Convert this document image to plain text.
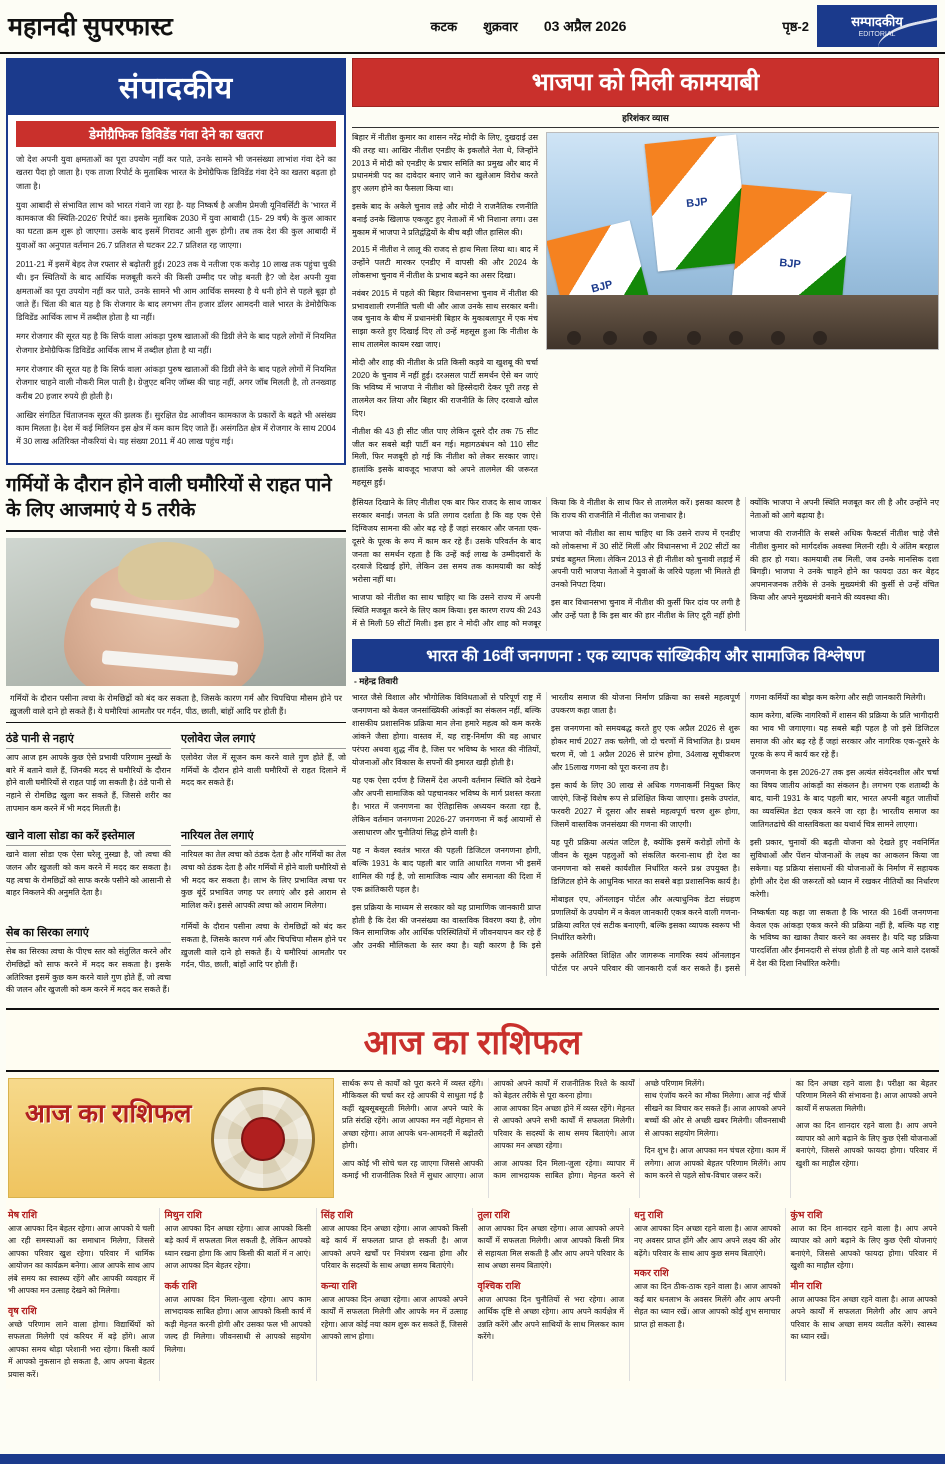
महानदी सुपरफास्ट	कटक शुक्रवार 03 अप्रैल 2026	पृष्ठ-2	सम्पादकीय
EDITORIAL
संपादकीय
डेमोग्रैफिक डिविडेंड गंवा देने का खतरा

जो देश अपनी युवा क्षमताओं का पूरा उपयोग नहीं कर पाते, उनके सामने भी जनसंख्या लाभांश गंवा देने का खतरा पैदा हो जाता है। एक ताजा रिपोर्ट के मुताबिक भारत के डेमोग्रैफिक डिविडेंड गंवा देने का खतरा बढ़ता हो जाता है।

युवा आबादी से संभावित लाभ को भारत गंवाने जा रहा है- यह निष्कर्ष है अजीम प्रेमजी यूनिवर्सिटी के 'भारत में कामकाज की स्थिति-2026' रिपोर्ट का। इसके मुताबिक 2030 में युवा आबादी (15- 29 वर्ष) के कुल आकार का घटता क्रम शुरू हो जाएगा। उसके बाद इसमें गिरावट आनी शुरू होगी। तब तक देश की कुल आबादी में युवाओं का अनुपात वर्तमान 26.7 प्रतिशत से घटकर 22.7 प्रतिशत रह जाएगा।

2011-21 में इसमें बेहद तेज रफ्तार से बढ़ोतरी हुई। 2023 तक ये नतीजा एक करोड़ 10 लाख तक पहुंचा चुकी थी। इन स्थितियों के बाद आर्थिक मजबूती करने की किसी उम्मीद पर जोड़ बनती है? जो देश अपनी युवा क्षमताओं का पूरा उपयोग नहीं कर पाते, उनके सामने भी आम आर्थिक समस्या है ये धनी होने से पहले बूढ़ा हो जाते हैं। चिंता की बात यह है कि रोजगार के बाद लगभग तीन हजार डॉलर आमदनी वाले भारत के डेमोग्रैफिक डिविडेंड आर्थिक लाभ में तब्दील होता है था नहीं।

मगर रोजगार की सूरत यह है कि सिर्फ वाला आंकड़ा पुरुष खाताओं की डिग्री लेने के बाद पहले लोगों में नियमित रोजगार डेमोग्रैफिक डिविडेंड आर्थिक लाभ में तब्दील होता है था नहीं।

मगर रोजगार की सूरत यह है कि सिर्फ वाला आंकड़ा पुरुष खाताओं की डिग्री लेने के बाद पहले लोगों में नियमित रोजगार चाहने वाली नौकरी मिल पाती है। ग्रेजुएट बनिए जॉब्स की चाह नहीं, अगर जॉब मिलती है, तो तनख्वाह करीब 20 हजार रुपये ही होती है।

आखिर संगठित चिंताजनक सूरत की झलक हैं। सुरक्षित ग्रेड आजीवन कामकाज के प्रकारों के बढ़ते भी असंख्य काम मिलता है। देश में कई मिलियन इस क्षेत्र में कम काम दिए जाते हैं। असंगठित क्षेत्र में रोजगार के साथ 2004 में 30 लाख अतिरिक्त नौकरियां थे। यह संख्या 2011 में 40 लाख पहुंच गई।

गर्मियों के दौरान होने वाली घमौरियों से राहत पाने के लिए आजमाएं ये 5 तरीके

गर्मियों के दौरान पसीना त्वचा के रोमछिद्रों को बंद कर सकता है, जिसके कारण गर्म और चिपचिपा मौसम होने पर ख़ुजली वाले दाने हो सकते हैं। ये घमौरियां आमतौर पर गर्दन, पीठ, छाती, बांहों आदि पर होती हैं।

ठंडे पानी से नहाएं

आप आज हम आपके कुछ ऐसे प्रभावी परिणाम नुस्खों के बारे में बताने वाले हैं, जिनकी मदद से घमौरियों के दौरान होने वाली घमौरियों से राहत पाई जा सकती है। ठंडे पानी से नहाने से रोमछिद्र खुला कर सकते हैं, जिससे शरीर का तापमान कम करने में भी मदद मिलती है।

एलोवेरा जेल लगाएं

एलोवेरा जेल में सूजन कम करने वाले गुण होते हैं, जो गर्मियों के दौरान होने वाली घमौरियों से राहत दिलाने में मदद कर सकते हैं।

खाने वाला सोडा का करें इस्तेमाल

खाने वाला सोडा एक ऐसा घरेलू नुस्खा है, जो त्वचा की जलन और खुजली को कम करने में मदद कर सकता है। यह त्वचा के रोमछिद्रों को साफ करके पसीने को आसानी से बाहर निकलने की अनुमति देता है।

नारियल तेल लगाएं

नारियल का तेल त्वचा को ठंडक देता है और गर्मियों का तेल त्वचा को ठंडक देता है और गर्मियों में होने वाली घमौरियों से भी मदद कर सकता है। लाभ के लिए प्रभावित त्वचा पर कुछ बूंदें प्रभावित जगह पर लगाएं और इसे आराम से मालिश करें। इससे आपकी त्वचा को आराम मिलेगा।

सेब का सिरका लगाएं

सेब का सिरका त्वचा के पीएच स्तर को संतुलित करने और रोमछिद्रों को साफ करने में मदद कर सकता है। इसके अतिरिक्त इसमें कुछ कम करने वाले गुण होते हैं, जो त्वचा की जलन और खुजली को कम करने में मदद कर सकते हैं।

गर्मियों के दौरान पसीना त्वचा के रोमछिद्रों को बंद कर सकता है, जिसके कारण गर्म और चिपचिपा मौसम होने पर ख़ुजली वाले दाने हो सकते हैं। ये घमौरियां आमतौर पर गर्दन, पीठ, छाती, बांहों आदि पर होती हैं।

भाजपा को मिली कामयाबी
हरिशंकर व्यास

बिहार में नीतीश कुमार का शासन नरेंद्र मोदी के लिए, दुखदाई उस की तरह था। आखिर नीतीश एनडीए के इकलौते नेता थे, जिन्होंने 2013 में मोदी को एनडीए के प्रचार समिति का प्रमुख और बाद में प्रधानमंत्री पद का दावेदार बनाए जाने का खुलेआम विरोध करते हुए अलग होने का फैसला किया था।

इसके बाद के अकेले चुनाव लड़े और मोदी ने राजनैतिक रणनीति बनाई उनके खिलाफ एकजुट हुए नेताओं में भी निशाना लगा। उस मुकाम में भाजपा ने प्रतिद्वंद्वियों के बीच बड़ी जीत हासिल की।

2015 में नीतीश ने लालू की राजद से हाथ मिला लिया था। बाद में उन्होंने पलटी मारकर एनडीए में वापसी की और 2024 के लोकसभा चुनाव में नीतीश के प्रभाव बढ़ने का असर दिखा।

नवंबर 2015 में पहले की बिहार विधानसभा चुनाव में नीतीश की प्रभावशाली रणनीति चली थी और आज उनके साथ सरकार बनी। जब चुनाव के बीच में प्रधानमंत्री बिहार के मुकाबलापुर में एक मंच साझा करते हुए दिखाई दिए तो उन्हें महसूस हुआ कि नीतीश के साथ तालमेल कायम रखा जाए।

मोदी और शाह की नीतीश के प्रति किसी कड़वे या खुशबू की चर्चा 2020 के चुनाव में नहीं हुई। दरअसल पार्टी समर्थन ऐसे बन जाएं कि भविष्य में भाजपा ने नीतीश को हिस्सेदारी देकर पूरी तरह से तालमेल कर लिया और बिहार की राजनीति के लिए दरवाजे खोल दिए।

नीतीश की 43 ही सीट जीत पाए लेकिन दूसरे दौर तक 75 सीट जीत कर सबसे बड़ी पार्टी बन गई। महागठबंधन को 110 सीट मिली, फिर मजबूरी हो गई कि नीतीश को लेकर सरकार जाए। हालांकि इसके बावजूद भाजपा को अपने तालमेल की जरूरत महसूस हुई।

BJP
BJP
BJP

हैसियत दिखाने के लिए नीतीश एक बार फिर राजद के साथ जाकर सरकार बनाई। जनता के प्रति लगाव दर्शाता है कि वह एक ऐसे दिग्विजय सामना की ओर बढ़ रहे हैं जहां सरकार और जनता एक-दूसरे के पूरक के रूप में काम कर रहे हैं। उसके परिवर्तन के बाद जनता का समर्थन रहता है कि उन्हें कई लाख के उम्मीदवारों के दरवाजे दिखाई होंगे, लेकिन उस समय तक कामयाबी का कोई भरोसा नहीं था।

भाजपा को नीतीश का साथ चाहिए था कि उसने राज्य में अपनी स्थिति मजबूत करने के लिए काम किया। इस कारण राज्य की 243 में से मिली 59 सीटों मिली। इस हार ने मोदी और शाह को मजबूर किया कि वे नीतीश के साथ फिर से तालमेल करें। इसका कारण है कि राज्य की राजनीति में नीतीश का जनाधार है।

भाजपा को नीतीश का साथ चाहिए था कि उसने राज्य में एनडीए को लोकसभा में 30 सीटें मिलीं और विधानसभा में 202 सीटों का प्रचंड बहुमत मिला। लेकिन 2013 से ही नीतीश को चुनावी लड़ाई में अपनी पारी भाजपा नेताओं ने युवाओं के जरिये पहला भी मिलते ही उनको निपटा दिया।

इस बार विधानसभा चुनाव में नीतीश की कुर्सी फिर दांव पर लगी है और उन्हें पता है कि इस बार की हार नीतीश के लिए दूरी नहीं होगी क्योंकि भाजपा ने अपनी स्थिति मजबूत कर ली है और उन्होंने नए नेताओं को आगे बढ़ाया है।

भाजपा की राजनीति के सबसे अधिक फैक्टर्स नीतीश चाहे जैसे नीतीश कुमार को मार्गदर्शक अवस्था मिलनी रही। ये अंतिम बरहाल की हार हो गया। कामयाबी तब मिली, जब उनके मानसिक दशा बिगड़ी। भाजपा ने उनके चाहने होने का फायदा उठा कर बेहद अपमानजनक तरीके से उनके मुख्यमंत्री की कुर्सी से उन्हें वंचित किया और अपने मुख्यमंत्री बनाने की व्यवस्था की।

भारत की 16वीं जनगणना : एक व्यापक सांख्यिकीय और सामाजिक विश्लेषण
- महेन्द्र तिवारी

भारत जैसे विशाल और भौगोलिक विविधताओं से परिपूर्ण राष्ट्र में जनगणना को केवल जनसांख्यिकी आंकड़ों का संकलन नहीं, बल्कि शासकीय प्रशासनिक प्रक्रिया मान लेना हमारे महत्व को कम करके आंकने जैसा होगा। वास्तव में, यह राष्ट्र-निर्माण की वह आधार परंपरा अथवा शुद्ध नींव है, जिस पर भविष्य के भारत की नीतियों, योजनाओं और विकास के सपनों की इमारत खड़ी होती है।

यह एक ऐसा दर्पण है जिसमें देश अपनी वर्तमान स्थिति को देखने और अपनी सामाजिक को पहचानकर भविष्य के मार्ग प्रशस्त करता है। भारत में जनगणना का ऐतिहासिक अध्ययन करता रहा है, लेकिन वर्तमान जनगणना 2026-27 जनगणना में कई आयामों से असाधारण और चुनौतियां सिद्ध होने वाली है।

यह न केवल स्वतंत्र भारत की पहली डिजिटल जनगणना होगी, बल्कि 1931 के बाद पहली बार जाति आधारित गणना भी इसमें शामिल की गई है, जो सामाजिक न्याय और समानता की दिशा में एक क्रांतिकारी पहल है।

इस प्रक्रिया के माध्यम से सरकार को यह प्रामाणिक जानकारी प्राप्त होती है कि देश की जनसंख्या का वास्तविक विवरण क्या है, लोग किन सामाजिक और आर्थिक परिस्थितियों में जीवनयापन कर रहे हैं और उनकी मौलिकता के स्तर क्या है। यही कारण है कि इसे भारतीय समाज की योजना निर्माण प्रक्रिया का सबसे महत्वपूर्ण उपकरण कहा जाता है।

इस जनगणना को समयबद्ध करते हुए एक अप्रैल 2026 से शुरू होकर मार्च 2027 तक चलेगी, जो दो चरणों में विभाजित है। प्रथम चरण में, जो 1 अप्रैल 2026 से प्रारंभ होगा, 34लाख सूचीकरण और 15लाख गणना को पूरा करना तय है।

इस कार्य के लिए 30 लाख से अधिक गणनाकर्मी नियुक्त किए जाएंगे, जिन्हें विशेष रूप से प्रशिक्षित किया जाएगा। इसके उपरांत, फरवरी 2027 में दूसरा और सबसे महत्वपूर्ण चरण शुरू होगा, जिसमें वास्तविक जनसंख्या की गणना की जाएगी।

यह पूरी प्रक्रिया अत्यंत जटिल है, क्योंकि इसमें करोड़ों लोगों के जीवन के सूक्ष्म पहलुओं को संकलित करना-साथ ही देश का जनगणना को सबसे कार्यशील निर्धारित करने प्रश्न उपयुक्त है। डिजिटल होने के आधुनिक भारत का सबसे बड़ा प्रशासनिक कार्य है।

मोबाइल एप, ऑनलाइन पोर्टल और अत्याधुनिक डेटा संग्रहण प्रणालियों के उपयोग में न केवल जानकारी एकत्र करने वाली गणना-प्रक्रिया त्वरित एवं सटीक बनाएगी, बल्कि इसका व्यापक स्वरूप भी निर्धारित करेगी।

इसके अतिरिक्त शिक्षित और जागरूक नागरिक स्वयं ऑनलाइन पोर्टल पर अपने परिवार की जानकारी दर्ज कर सकते हैं। इससे गणना कर्मियों का बोझ कम करेगा और सही जानकारी मिलेगी।

काम करेगा, बल्कि नागरिकों में शासन की प्रक्रिया के प्रति भागीदारी का भाव भी जगाएगा। यह सबसे बड़ी पहल है जो इसे डिजिटल समाज की ओर बढ़ रहे हैं जहां सरकार और नागरिक एक-दूसरे के पूरक के रूप में कार्य कर रहे हैं।

जनगणना के इस 2026-27 तक इस अत्यंत संवेदनशील और चर्चा का विषय जातीय आंकड़ों का संकलन है। लगभग एक शताब्दी के बाद, यानी 1931 के बाद पहली बार, भारत अपनी बहुत जातीयों का व्यवस्थित डेटा एकत्र करने जा रहा है। भारतीय समाज का जातिगतढांचे की वास्तविकता का यथार्थ चित्र सामने लाएगा।

इसी प्रकार, चुनावों की बढ़ती योजना को देखते हुए नवनिर्मित सुविधाओं और पेंशन योजनाओं के लक्ष्य का आकलन किया जा सकेगा। यह प्रक्रिया संसाधनों की योजनाओं के निर्माण में सहायक होगी और देश की जरूरतों को ध्यान में रखकर नीतियों का निर्धारण करेगी।

निष्कर्षतः यह कहा जा सकता है कि भारत की 16वीं जनगणना केवल एक आंकड़ा एकत्र करने की प्रक्रिया नहीं है, बल्कि यह राष्ट्र के भविष्य का खाका तैयार करने का अवसर है। यदि यह प्रक्रिया पारदर्शिता और ईमानदारी से संपन्न होती है तो यह आने वाले दशकों में देश की दिशा निर्धारित करेगी।

आज का राशिफल
आज का राशिफल

सार्थक रूप से कार्यों को पूरा करने में व्यस्त रहेंगे। मौकिकल की चर्चा कर रहे आपकी ये साधुता गई है कहीं खूबसूबसूरती मिलेगी। आज अपने प्यारे के प्रति संरक्षि रहेंगे। आज आपका मन नहीं मेहमान से अच्छा रहेगा। आज आपके धन-आमदनी में बढ़ोतरी होगी।

आप कोई भी सोचे चल रह जाएगा जिससे आपकी कमाई भी राजनीतिक रिश्ते में सुधार आएगा। आज आपको अपने कार्यों में राजनीतिक रिश्ते के कार्यों को बेहतर तरीके से पूरा करना होगा।

आज आपका दिन अच्छा होने में व्यस्त रहेंगे। मेहनत से आपको अपने सभी कार्यों में सफलता मिलेगी। परिवार के सदस्यों के साथ समय बिताएंगे। आज आपका मन अच्छा रहेगा।

आज आपका दिन मिला-जुला रहेगा। व्यापार में काम लाभदायक साबित होगा। मेहनत करने से अच्छे परिणाम मिलेंगे।

साथ एंजॉय करने का मौका मिलेगा। आज नई चीजें सीखने का विचार कर सकते हैं। आज आपको अपने बच्चों की ओर से अच्छी खबर मिलेगी। जीवनसाथी से आपका सहयोग मिलेगा।

दिन शुभ है। आज आपका मन चंचल रहेगा। काम में लगेगा। आज आपको बेहतर परिणाम मिलेंगे। आप काम करने से पहले सोच-विचार जरूर करें।

का दिन अच्छा रहने वाला है। परीक्षा का बेहतर परिणाम मिलने की संभावना है। आज आपको अपने कार्यों में सफलता मिलेगी।

आज का दिन शानदार रहने वाला है। आप अपने व्यापार को आगे बढ़ाने के लिए कुछ ऐसी योजनाओं बनाएंगे, जिससे आपको फायदा होगा। परिवार में खुशी का माहौल रहेगा।

मेष राशि

आज आपका दिन बेहतर रहेगा। आज आपको ये चली आ रही समस्याओं का समाधान मिलेगा, जिससे आपका परिवार खुश रहेगा। परिवार में धार्मिक आयोजन का कार्यक्रम बनेगा। आज आपके साथ आप लंबे समय का स्वास्थ्य रहेंगे और आपकी व्यवहार में भी आपका मन उत्साह देखने को मिलेगा।

वृष राशि

अच्छे परिणाम लाने वाला होगा। विद्यार्थियों को सफलता मिलेगी एवं करियर में बड़े होंगे। आज आपका समय थोड़ा परेशानी भरा रहेगा। किसी कार्य में आपको नुकसान हो सकता है, आप अपना बेहतर प्रयास करें।

मिथुन राशि

आज आपका दिन अच्छा रहेगा। आज आपको किसी बड़े कार्य में सफलता मिल सकती है, लेकिन आपको ध्यान रखना होगा कि आप किसी की बातों में न आएं। आज आपका दिन बेहतर रहेगा।

कर्क राशि

आज आपका दिन मिला-जुला रहेगा। आप काम लाभदायक साबित होगा। आज आपको किसी कार्य में कड़ी मेहनत करनी होगी और उसका फल भी आपको जल्द ही मिलेगा। जीवनसाथी से आपको सहयोग मिलेगा।

सिंह राशि

आज आपका दिन अच्छा रहेगा। आज आपको किसी बड़े कार्य में सफलता प्राप्त हो सकती है। आज आपको अपने खर्चों पर नियंत्रण रखना होगा और परिवार के सदस्यों के साथ अच्छा समय बिताएंगे।

कन्या राशि

आज आपका दिन अच्छा रहेगा। आज आपको अपने कार्यों में सफलता मिलेगी और आपके मन में उत्साह रहेगा। आज कोई नया काम शुरू कर सकते हैं, जिससे आपको लाभ होगा।

तुला राशि

आज आपका दिन अच्छा रहेगा। आज आपको अपने कार्यों में सफलता मिलेगी। आज आपको किसी मित्र से सहायता मिल सकती है और आप अपने परिवार के साथ अच्छा समय बिताएंगे।

वृश्चिक राशि

आज आपका दिन चुनौतियों से भरा रहेगा। आज आर्थिक दृष्टि से अच्छा रहेगा। आप अपने कार्यक्षेत्र में उन्नति करेंगे और अपने साथियों के साथ मिलकर काम करेंगे।

धनु राशि

आज आपका दिन अच्छा रहने वाला है। आज आपको नए अवसर प्राप्त होंगे और आप अपने लक्ष्य की ओर बढ़ेंगे। परिवार के साथ आप कुछ समय बिताएंगे।

मकर राशि

आज का दिन ठीक-ठाक रहने वाला है। आज आपको कई बार धनलाभ के अवसर मिलेंगे और आप अपनी सेहत का ध्यान रखें। आज आपको कोई शुभ समाचार प्राप्त हो सकता है।

कुंभ राशि

आज का दिन शानदार रहने वाला है। आप अपने व्यापार को आगे बढ़ाने के लिए कुछ ऐसी योजनाएं बनाएंगे, जिससे आपको फायदा होगा। परिवार में खुशी का माहौल रहेगा।

मीन राशि

आज आपका दिन अच्छा रहने वाला है। आज आपको अपने कार्यों में सफलता मिलेगी और आप अपने परिवार के साथ अच्छा समय व्यतीत करेंगे। स्वास्थ्य का ध्यान रखें।
